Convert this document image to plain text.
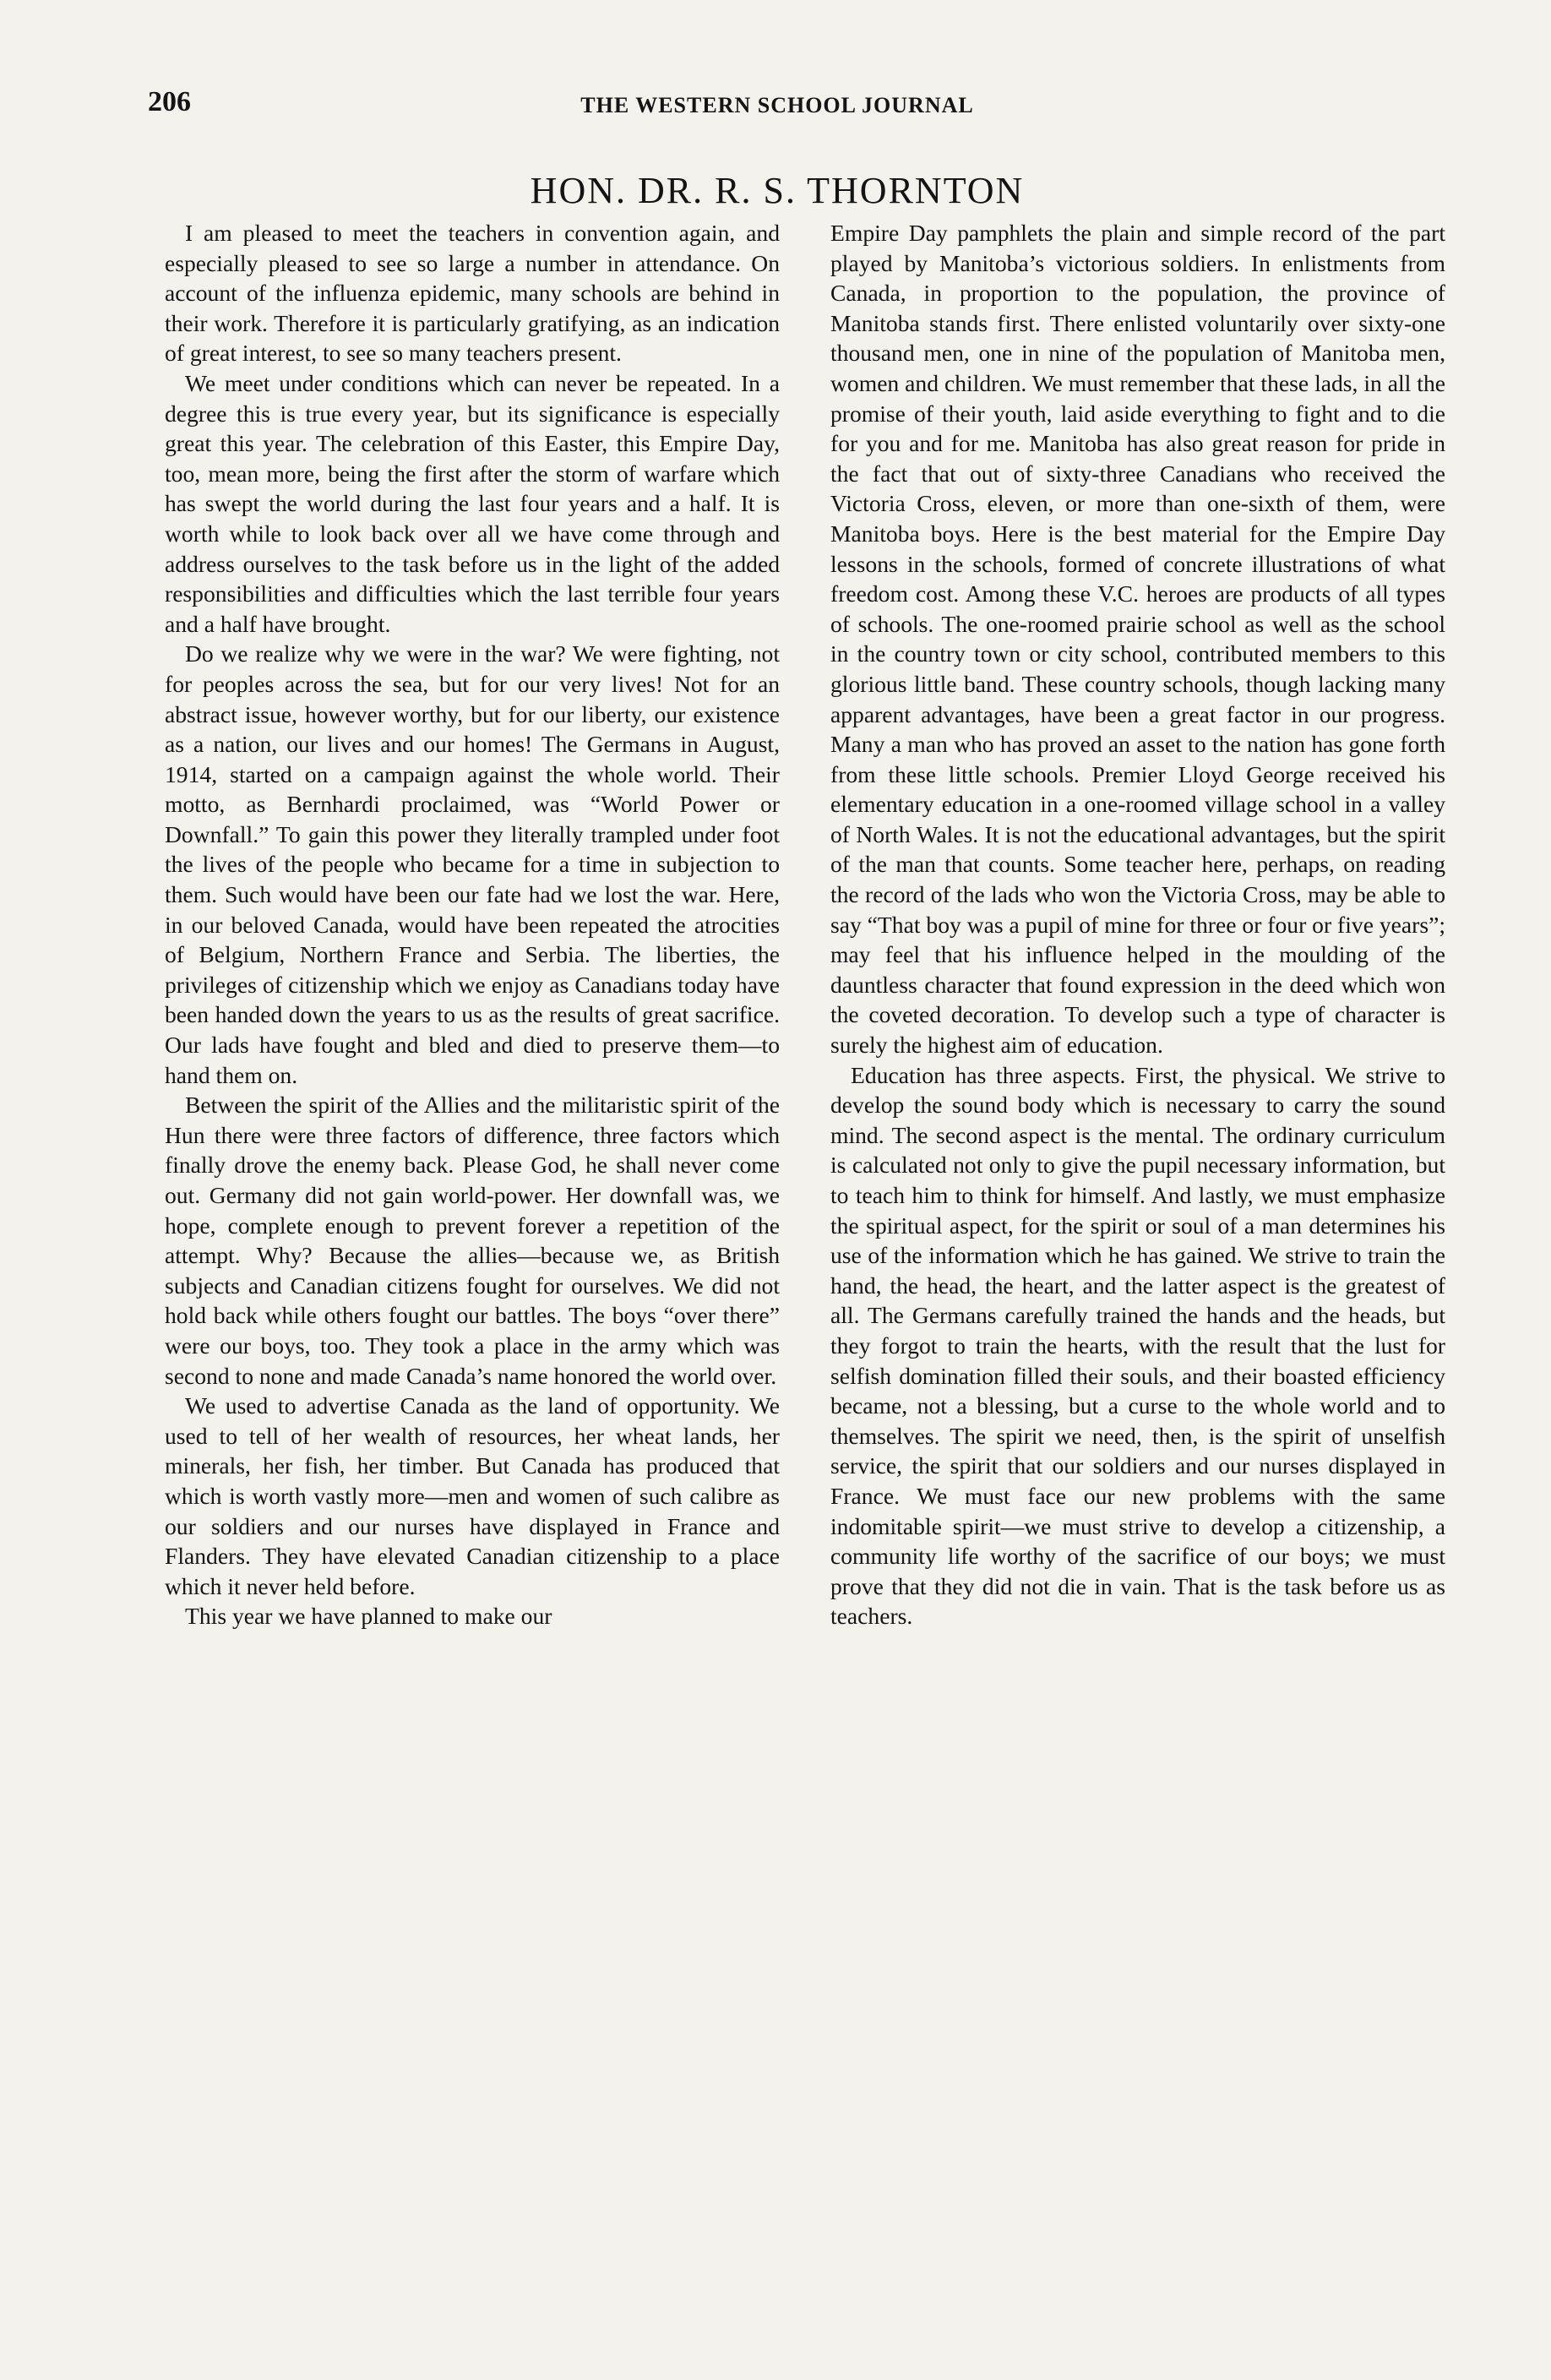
206	THE WESTERN SCHOOL JOURNAL
HON. DR. R. S. THORNTON

I am pleased to meet the teachers in convention again, and especially pleased to see so large a number in attendance. On account of the influenza epidemic, many schools are behind in their work. Therefore it is particularly gratifying, as an indication of great interest, to see so many teachers present.

We meet under conditions which can never be repeated. In a degree this is true every year, but its significance is especially great this year. The celebration of this Easter, this Empire Day, too, mean more, being the first after the storm of warfare which has swept the world during the last four years and a half. It is worth while to look back over all we have come through and address ourselves to the task before us in the light of the added responsibilities and difficulties which the last terrible four years and a half have brought.

Do we realize why we were in the war? We were fighting, not for peoples across the sea, but for our very lives! Not for an abstract issue, however worthy, but for our liberty, our existence as a nation, our lives and our homes! The Germans in August, 1914, started on a campaign against the whole world. Their motto, as Bernhardi proclaimed, was “World Power or Downfall.” To gain this power they literally trampled under foot the lives of the people who became for a time in subjection to them. Such would have been our fate had we lost the war. Here, in our beloved Canada, would have been repeated the atrocities of Belgium, Northern France and Serbia. The liberties, the privileges of citizenship which we enjoy as Canadians today have been handed down the years to us as the results of great sacrifice. Our lads have fought and bled and died to preserve them—to hand them on.

Between the spirit of the Allies and the militaristic spirit of the Hun there were three factors of difference, three factors which finally drove the enemy back. Please God, he shall never come out. Germany did not gain world-power. Her downfall was, we hope, complete enough to prevent forever a repetition of the attempt. Why? Because the allies—because we, as British subjects and Canadian citizens fought for ourselves. We did not hold back while others fought our battles. The boys “over there” were our boys, too. They took a place in the army which was second to none and made Canada’s name honored the world over.

We used to advertise Canada as the land of opportunity. We used to tell of her wealth of resources, her wheat lands, her minerals, her fish, her timber. But Canada has produced that which is worth vastly more—men and women of such calibre as our soldiers and our nurses have displayed in France and Flanders. They have elevated Canadian citizenship to a place which it never held before.

This year we have planned to make our

Empire Day pamphlets the plain and simple record of the part played by Manitoba’s victorious soldiers. In enlistments from Canada, in proportion to the population, the province of Manitoba stands first. There enlisted voluntarily over sixty-one thousand men, one in nine of the population of Manitoba men, women and children. We must remember that these lads, in all the promise of their youth, laid aside everything to fight and to die for you and for me. Manitoba has also great reason for pride in the fact that out of sixty-three Canadians who received the Victoria Cross, eleven, or more than one-sixth of them, were Manitoba boys. Here is the best material for the Empire Day lessons in the schools, formed of concrete illustrations of what freedom cost. Among these V.C. heroes are products of all types of schools. The one-roomed prairie school as well as the school in the country town or city school, contributed members to this glorious little band. These country schools, though lacking many apparent advantages, have been a great factor in our progress. Many a man who has proved an asset to the nation has gone forth from these little schools. Premier Lloyd George received his elementary education in a one-roomed village school in a valley of North Wales. It is not the educational advantages, but the spirit of the man that counts. Some teacher here, perhaps, on reading the record of the lads who won the Victoria Cross, may be able to say “That boy was a pupil of mine for three or four or five years”; may feel that his influence helped in the moulding of the dauntless character that found expression in the deed which won the coveted decoration. To develop such a type of character is surely the highest aim of education.

Education has three aspects. First, the physical. We strive to develop the sound body which is necessary to carry the sound mind. The second aspect is the mental. The ordinary curriculum is calculated not only to give the pupil necessary information, but to teach him to think for himself. And lastly, we must emphasize the spiritual aspect, for the spirit or soul of a man determines his use of the information which he has gained. We strive to train the hand, the head, the heart, and the latter aspect is the greatest of all. The Germans carefully trained the hands and the heads, but they forgot to train the hearts, with the result that the lust for selfish domination filled their souls, and their boasted efficiency became, not a blessing, but a curse to the whole world and to themselves. The spirit we need, then, is the spirit of unselfish service, the spirit that our soldiers and our nurses displayed in France. We must face our new problems with the same indomitable spirit—we must strive to develop a citizenship, a community life worthy of the sacrifice of our boys; we must prove that they did not die in vain. That is the task before us as teachers.
